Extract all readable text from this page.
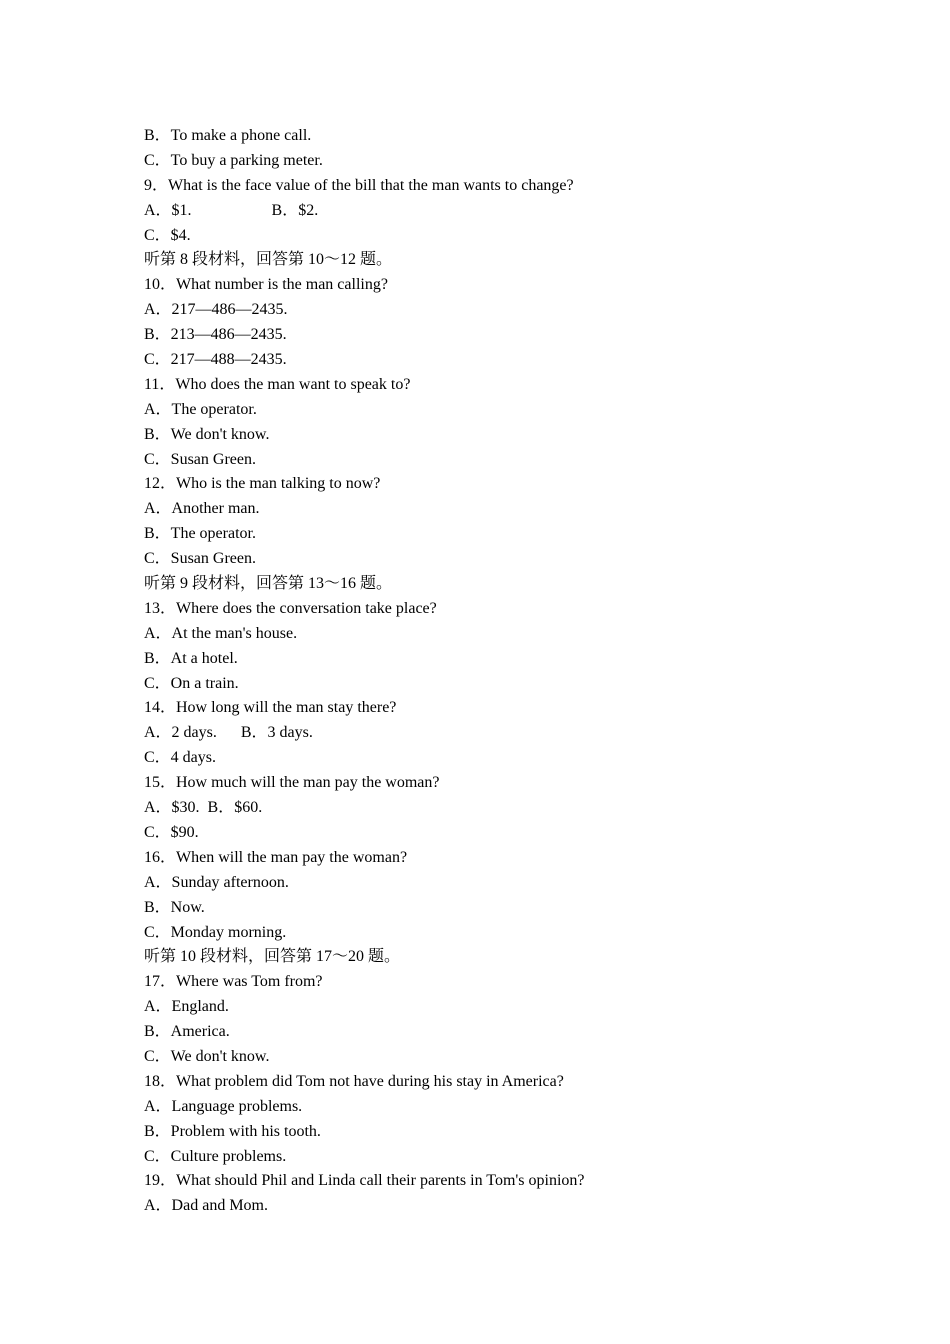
B．To make a phone call.
C．To buy a parking meter.
9．What is the face value of the bill that the man wants to change?
A．$1.                    B．$2.
C．$4.
听第 8 段材料，回答第 10～12 题。
10．What number is the man calling?
A．217—486—2435.
B．213—486—2435.
C．217—488—2435.
11．Who does the man want to speak to?
A．The operator.
B．We don't know.
C．Susan Green.
12．Who is the man talking to now?
A．Another man.
B．The operator.
C．Susan Green.
听第 9 段材料，回答第 13～16 题。
13．Where does the conversation take place?
A．At the man's house.
B．At a hotel.
C．On a train.
14．How long will the man stay there?
A．2 days.      B．3 days.
C．4 days.
15．How much will the man pay the woman?
A．$30.  B．$60.
C．$90.
16．When will the man pay the woman?
A．Sunday afternoon.
B．Now.
C．Monday morning.
听第 10 段材料，回答第 17～20 题。
17．Where was Tom from?
A．England.
B．America.
C．We don't know.
18．What problem did Tom not have during his stay in America?
A．Language problems.
B．Problem with his tooth.
C．Culture problems.
19．What should Phil and Linda call their parents in Tom's opinion?
A．Dad and Mom.
